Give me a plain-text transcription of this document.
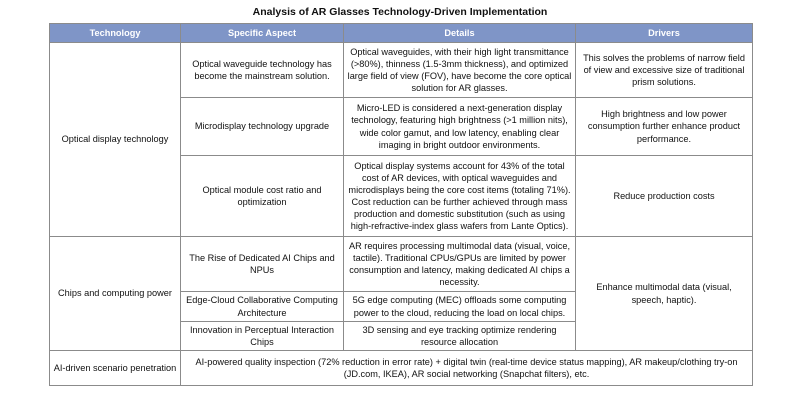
Analysis of AR Glasses Technology-Driven Implementation
Technology	Specific Aspect	Details	Drivers
Optical display technology	Optical waveguide technology has become the mainstream solution.	Optical waveguides, with their high light transmittance (>80%), thinness (1.5-3mm thickness), and optimized large field of view (FOV), have become the core optical solution for AR glasses.	This solves the problems of narrow field of view and excessive size of traditional prism solutions.
	Microdisplay technology upgrade	Micro-LED is considered a next-generation display technology, featuring high brightness (>1 million nits), wide color gamut, and low latency, enabling clear imaging in bright outdoor environments.	High brightness and low power consumption further enhance product performance.
	Optical module cost ratio and optimization	Optical display systems account for 43% of the total cost of AR devices, with optical waveguides and microdisplays being the core cost items (totaling 71%). Cost reduction can be further achieved through mass production and domestic substitution (such as using high-refractive-index glass wafers from Lante Optics).	Reduce production costs
Chips and computing power	The Rise of Dedicated AI Chips and NPUs	AR requires processing multimodal data (visual, voice, tactile). Traditional CPUs/GPUs are limited by power consumption and latency, making dedicated AI chips a necessity.	Enhance multimodal data (visual, speech, haptic).
	Edge-Cloud Collaborative Computing Architecture	5G edge computing (MEC) offloads some computing power to the cloud, reducing the load on local chips.	
	Innovation in Perceptual Interaction Chips	3D sensing and eye tracking optimize rendering resource allocation	
AI-driven scenario penetration	AI-powered quality inspection (72% reduction in error rate) + digital twin (real-time device status mapping), AR makeup/clothing try-on (JD.com, IKEA), AR social networking (Snapchat filters), etc.		
